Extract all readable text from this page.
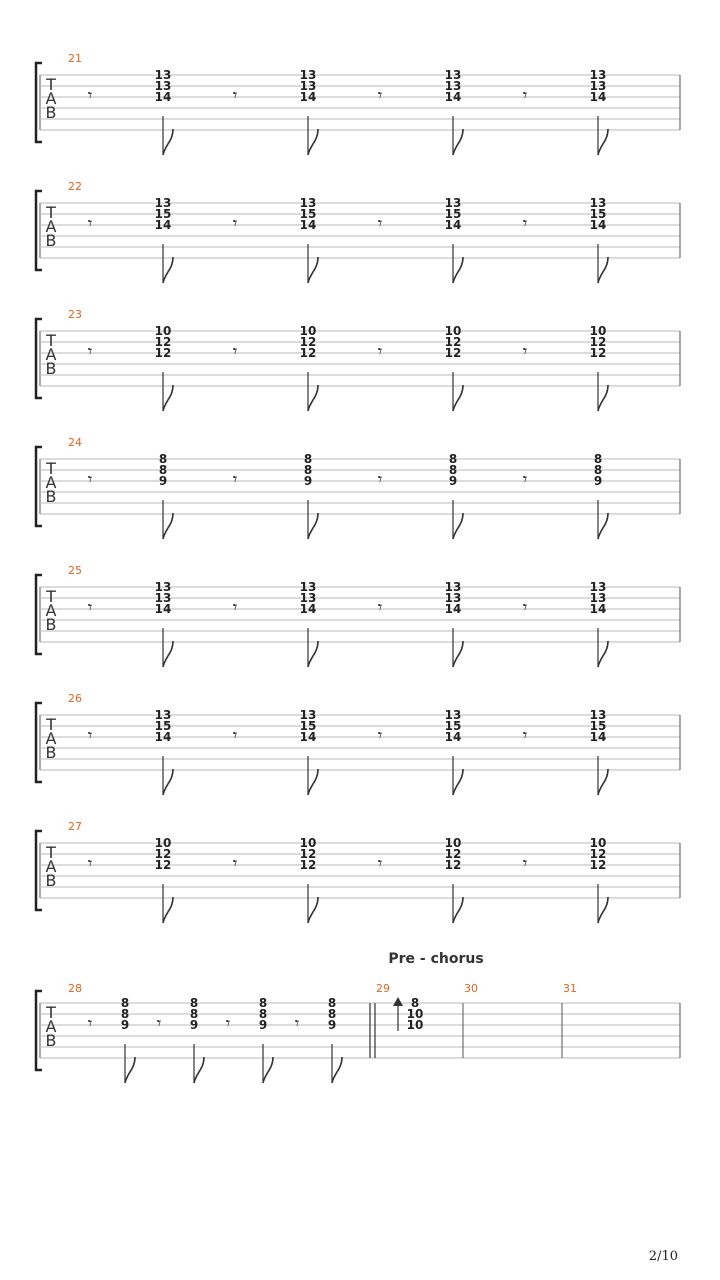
T
A
B
21
𝄾
13
13
14	𝄾
13
13
14	𝄾
13
13
14	𝄾
13
13
14
T
A
B
22
𝄾
13
15
14	𝄾
13
15
14	𝄾
13
15
14	𝄾
13
15
14
T
A
B
23
𝄾
10
12
12	𝄾
10
12
12	𝄾
10
12
12	𝄾
10
12
12
T
A
B
24
𝄾
8
8
9	𝄾
8
8
9	𝄾
8
8
9	𝄾
8
8
9
T
A
B
25
𝄾
13
13
14	𝄾
13
13
14	𝄾
13
13
14	𝄾
13
13
14
T
A
B
26
𝄾
13
15
14	𝄾
13
15
14	𝄾
13
15
14	𝄾
13
15
14
T
A
B
27
𝄾
10
12
12	𝄾
10
12
12	𝄾
10
12
12	𝄾
10
12
12
T
A
B
Pre - chorus
28
𝄾
8
8
9 𝄾
8
8
9 𝄾
8
8
9 𝄾
8
8
9
29
8
10
10
30	31
2/10
